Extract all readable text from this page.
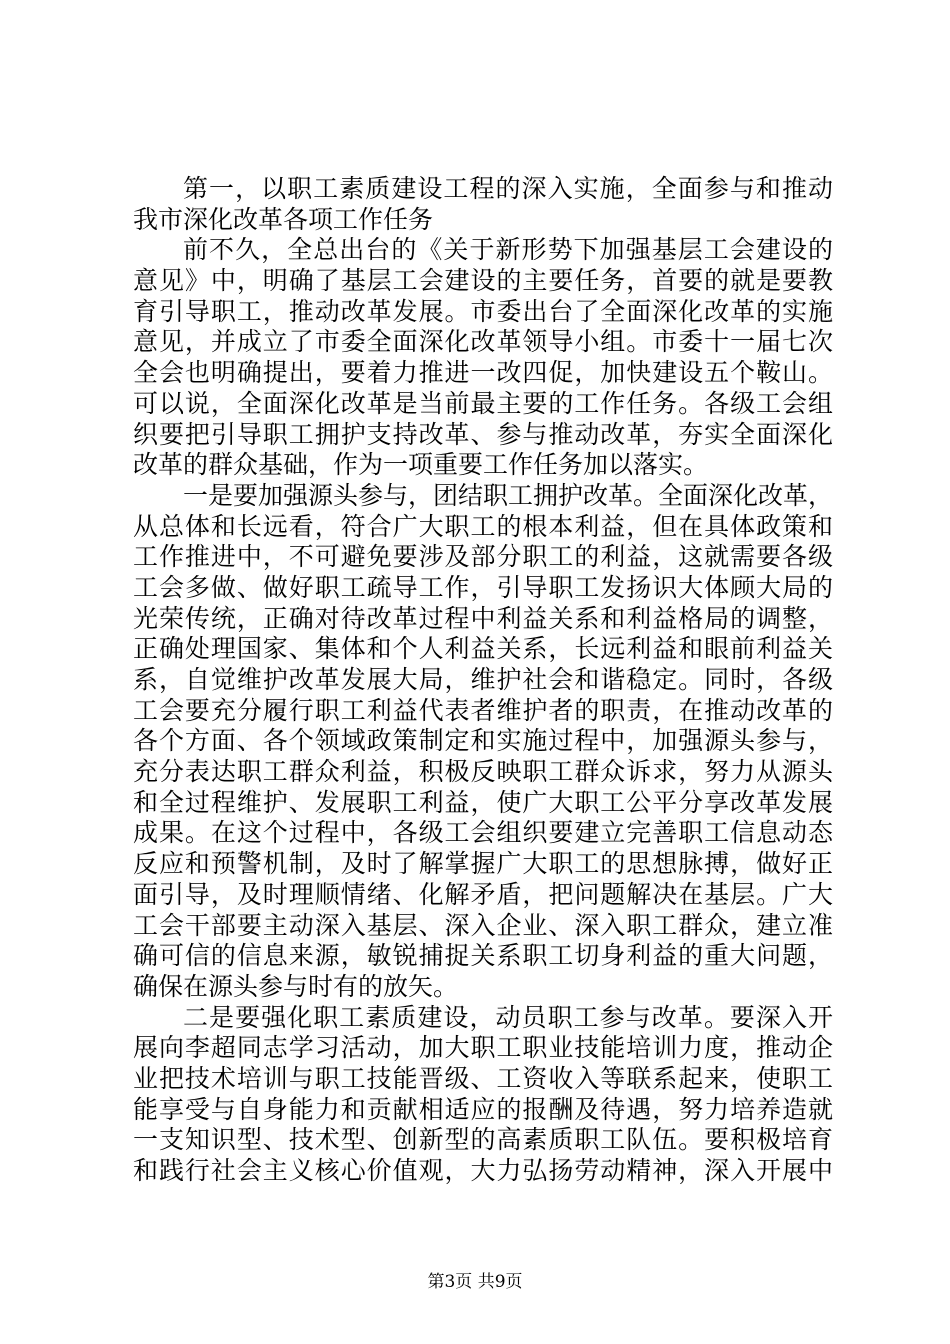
第一，以职工素质建设工程的深入实施，全面参与和推动
我市深化改革各项工作任务
前不久，全总出台的《关于新形势下加强基层工会建设的
意见》中，明确了基层工会建设的主要任务，首要的就是要教
育引导职工，推动改革发展。市委出台了全面深化改革的实施
意见，并成立了市委全面深化改革领导小组。市委十一届七次
全会也明确提出，要着力推进一改四促，加快建设五个鞍山。
可以说，全面深化改革是当前最主要的工作任务。各级工会组
织要把引导职工拥护支持改革、参与推动改革，夯实全面深化
改革的群众基础，作为一项重要工作任务加以落实。
一是要加强源头参与，团结职工拥护改革。全面深化改革，
从总体和长远看，符合广大职工的根本利益，但在具体政策和
工作推进中，不可避免要涉及部分职工的利益，这就需要各级
工会多做、做好职工疏导工作，引导职工发扬识大体顾大局的
光荣传统，正确对待改革过程中利益关系和利益格局的调整，
正确处理国家、集体和个人利益关系，长远利益和眼前利益关
系，自觉维护改革发展大局，维护社会和谐稳定。同时，各级
工会要充分履行职工利益代表者维护者的职责，在推动改革的
各个方面、各个领域政策制定和实施过程中，加强源头参与，
充分表达职工群众利益，积极反映职工群众诉求，努力从源头
和全过程维护、发展职工利益，使广大职工公平分享改革发展
成果。在这个过程中，各级工会组织要建立完善职工信息动态
反应和预警机制，及时了解掌握广大职工的思想脉搏，做好正
面引导，及时理顺情绪、化解矛盾，把问题解决在基层。广大
工会干部要主动深入基层、深入企业、深入职工群众，建立准
确可信的信息来源，敏锐捕捉关系职工切身利益的重大问题，
确保在源头参与时有的放矢。
二是要强化职工素质建设，动员职工参与改革。要深入开
展向李超同志学习活动，加大职工职业技能培训力度，推动企
业把技术培训与职工技能晋级、工资收入等联系起来，使职工
能享受与自身能力和贡献相适应的报酬及待遇，努力培养造就
一支知识型、技术型、创新型的高素质职工队伍。要积极培育
和践行社会主义核心价值观，大力弘扬劳动精神，深入开展中
第3页 共9页
